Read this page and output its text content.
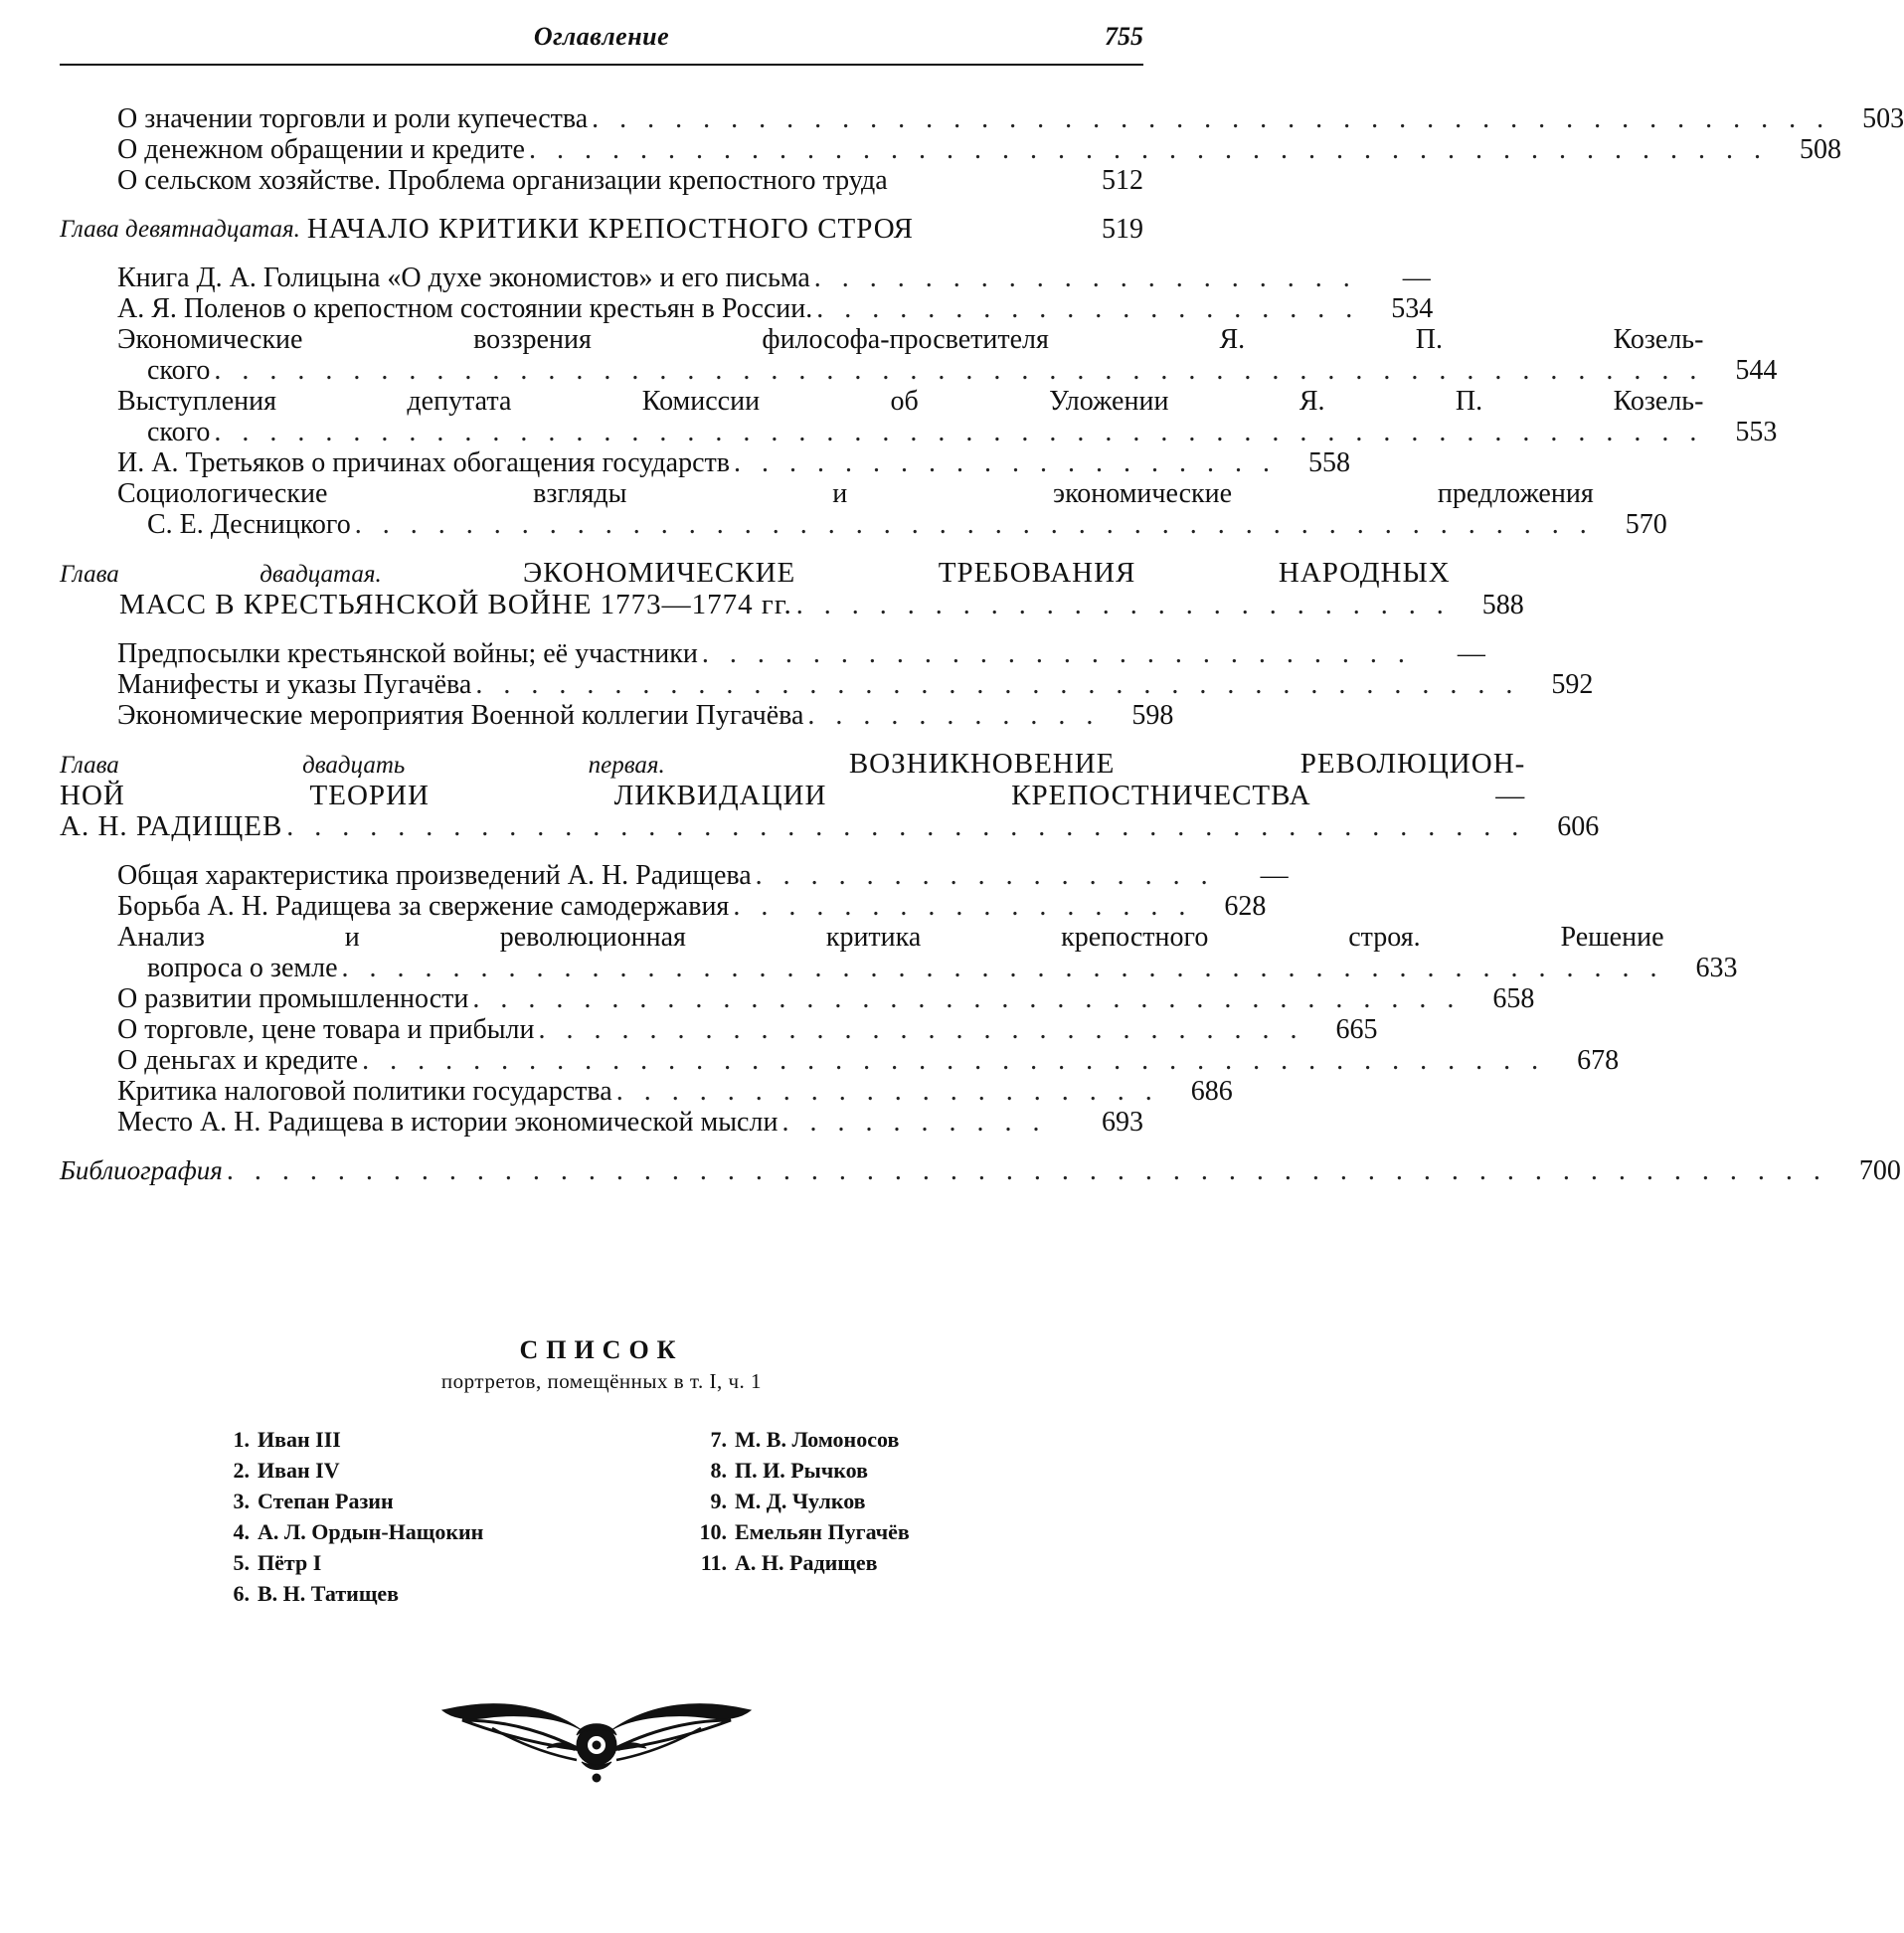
Оглавление	755
О значении торговли и роли купечества . . . . . . . . . . . . . . . . . . . . . . . . . . . . . . . . . . . . . . . . . . . . .	503
О денежном обращении и кредите . . . . . . . . . . . . . . . . . . . . . . . . . . . . . . . . . . . . . . . . . . . . .	508
О сельском хозяйстве. Проблема организации крепостного труда	512
Глава девятнадцатая.
НАЧАЛО КРИТИКИ КРЕПОСТНОГО СТРОЯ	519
Книга Д. А. Голицына «О духе экономистов» и его письма . . . . . . . . . . . . . . . . . . . .	—
А. Я. Поленов о крепостном состоянии крестьян в России. . . . . . . . . . . . . . . . . . . . .	534
Экономические воззрения философа-просветителя Я. П. Козель-
ского . . . . . . . . . . . . . . . . . . . . . . . . . . . . . . . . . . . . . . . . . . . . . . . . . . . . . .	544
Выступления депутата Комиссии об Уложении Я. П. Козель-
ского . . . . . . . . . . . . . . . . . . . . . . . . . . . . . . . . . . . . . . . . . . . . . . . . . . . . . .	553
И. А. Третьяков о причинах обогащения государств . . . . . . . . . . . . . . . . . . . .	558
Социологические взгляды и экономические предложения
С. Е. Десницкого . . . . . . . . . . . . . . . . . . . . . . . . . . . . . . . . . . . . . . . . . . . . .	570
Глава двадцатая.	ЭКОНОМИЧЕСКИЕ ТРЕБОВАНИЯ НАРОДНЫХ
МАСС В КРЕСТЬЯНСКОЙ ВОЙНЕ 1773—1774 гг. . . . . . . . . . . . . . . . . . . . . . . . .	588
Предпосылки крестьянской войны; её участники . . . . . . . . . . . . . . . . . . . . . . . . . .	—
Манифесты и указы Пугачёва . . . . . . . . . . . . . . . . . . . . . . . . . . . . . . . . . . . . . .	592
Экономические мероприятия Военной коллегии Пугачёва . . . . . . . . . . .	598
Глава двадцать первая.	ВОЗНИКНОВЕНИЕ РЕВОЛЮЦИОН-
НОЙ ТЕОРИИ ЛИКВИДАЦИИ КРЕПОСТНИЧЕСТВА —
А. Н. РАДИЩЕВ . . . . . . . . . . . . . . . . . . . . . . . . . . . . . . . . . . . . . . . . . . . . .	606
Общая характеристика произведений А. Н. Радищева . . . . . . . . . . . . . . . . .	—
Борьба А. Н. Радищева за свержение самодержавия . . . . . . . . . . . . . . . . .	628
Анализ и революционная критика крепостного строя. Решение
вопроса о земле . . . . . . . . . . . . . . . . . . . . . . . . . . . . . . . . . . . . . . . . . . . . . . . .	633
О развитии промышленности . . . . . . . . . . . . . . . . . . . . . . . . . . . . . . . . . . . .	658
О торговле, цене товара и прибыли . . . . . . . . . . . . . . . . . . . . . . . . . . . .	665
О деньгах и кредите . . . . . . . . . . . . . . . . . . . . . . . . . . . . . . . . . . . . . . . . . . .	678
Критика налоговой политики государства . . . . . . . . . . . . . . . . . . . .	686
Место А. Н. Радищева в истории экономической мысли . . . . . . . . . .	693
Библиография . . . . . . . . . . . . . . . . . . . . . . . . . . . . . . . . . . . . . . . . . . . . . . . . . . . . . . . . . .	700
СПИСОК
портретов, помещённых в т. I, ч. 1
1. Иван III
2. Иван IV
3. Степан Разин
4. А. Л. Ордын-Нащокин
5. Пётр I
6. В. Н. Татищев
7. М. В. Ломоносов
8. П. И. Рычков
9. М. Д. Чулков
10. Емельян Пугачёв
11. А. Н. Радищев
